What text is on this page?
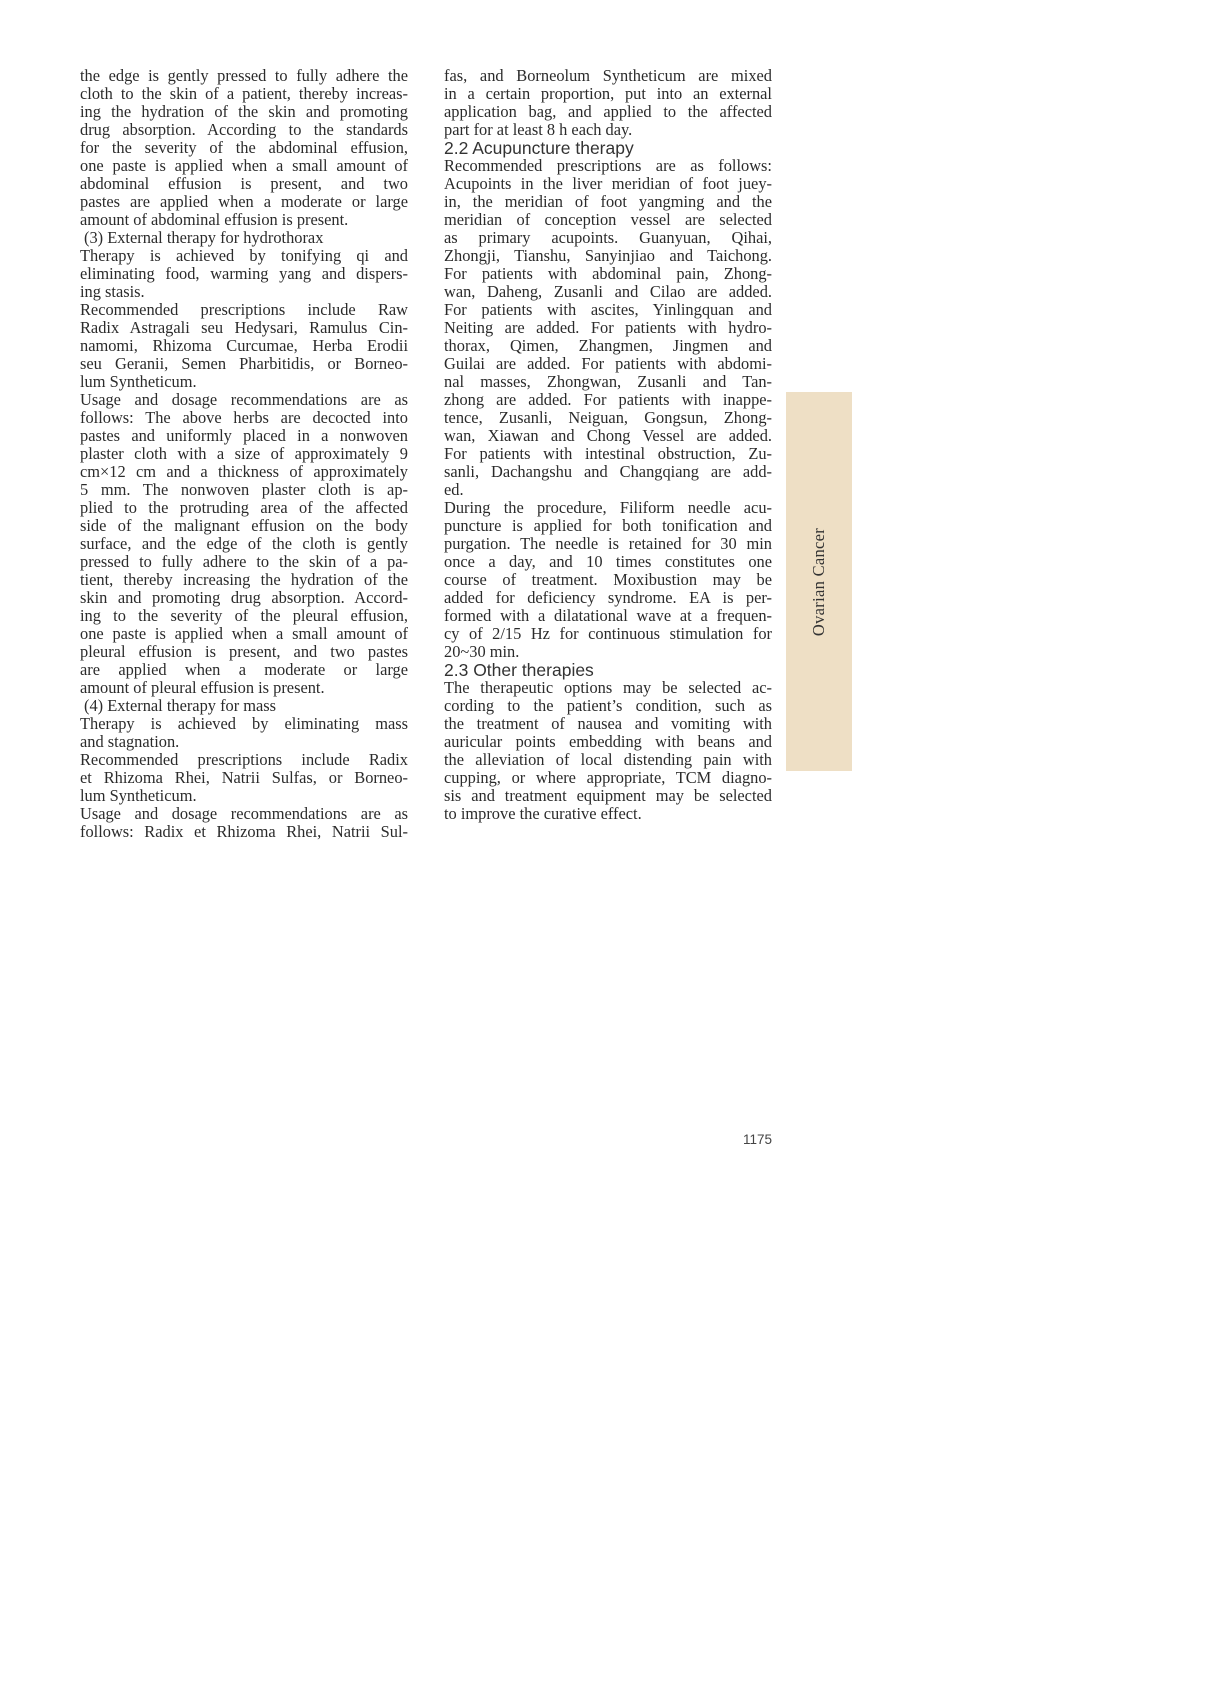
the edge is gently pressed to fully adhere the
cloth to the skin of a patient, thereby increas-
ing the hydration of the skin and promoting
drug absorption. According to the standards
for the severity of the abdominal effusion,
one paste is applied when a small amount of
abdominal effusion is present, and two
pastes are applied when a moderate or large
amount of abdominal effusion is present.
(3) External therapy for hydrothorax
Therapy is achieved by tonifying qi and
eliminating food, warming yang and dispers-
ing stasis.
Recommended prescriptions include Raw
Radix Astragali seu Hedysari, Ramulus Cin-
namomi, Rhizoma Curcumae, Herba Erodii
seu Geranii, Semen Pharbitidis, or Borneo-
lum Syntheticum.
Usage and dosage recommendations are as
follows: The above herbs are decocted into
pastes and uniformly placed in a nonwoven
plaster cloth with a size of approximately 9
cm×12 cm and a thickness of approximately
5 mm. The nonwoven plaster cloth is ap-
plied to the protruding area of the affected
side of the malignant effusion on the body
surface, and the edge of the cloth is gently
pressed to fully adhere to the skin of a pa-
tient, thereby increasing the hydration of the
skin and promoting drug absorption. Accord-
ing to the severity of the pleural effusion,
one paste is applied when a small amount of
pleural effusion is present, and two pastes
are applied when a moderate or large
amount of pleural effusion is present.
(4) External therapy for mass
Therapy is achieved by eliminating mass
and stagnation.
Recommended prescriptions include Radix
et Rhizoma Rhei, Natrii Sulfas, or Borneo-
lum Syntheticum.
Usage and dosage recommendations are as
follows: Radix et Rhizoma Rhei, Natrii Sul-
fas, and Borneolum Syntheticum are mixed
in a certain proportion, put into an external
application bag, and applied to the affected
part for at least 8 h each day.
2.2 Acupuncture therapy
Recommended prescriptions are as follows:
Acupoints in the liver meridian of foot juey-
in, the meridian of foot yangming and the
meridian of conception vessel are selected
as primary acupoints. Guanyuan, Qihai,
Zhongji, Tianshu, Sanyinjiao and Taichong.
For patients with abdominal pain, Zhong-
wan, Daheng, Zusanli and Cilao are added.
For patients with ascites, Yinlingquan and
Neiting are added. For patients with hydro-
thorax, Qimen, Zhangmen, Jingmen and
Guilai are added. For patients with abdomi-
nal masses, Zhongwan, Zusanli and Tan-
zhong are added. For patients with inappe-
tence, Zusanli, Neiguan, Gongsun, Zhong-
wan, Xiawan and Chong Vessel are added.
For patients with intestinal obstruction, Zu-
sanli, Dachangshu and Changqiang are add-
ed.
During the procedure, Filiform needle acu-
puncture is applied for both tonification and
purgation. The needle is retained for 30 min
once a day, and 10 times constitutes one
course of treatment. Moxibustion may be
added for deficiency syndrome. EA is per-
formed with a dilatational wave at a frequen-
cy of 2/15 Hz for continuous stimulation for
20~30 min.
2.3 Other therapies
The therapeutic options may be selected ac-
cording to the patient’s condition, such as
the treatment of nausea and vomiting with
auricular points embedding with beans and
the alleviation of local distending pain with
cupping, or where appropriate, TCM diagno-
sis and treatment equipment may be selected
to improve the curative effect.
Ovarian Cancer
1175
